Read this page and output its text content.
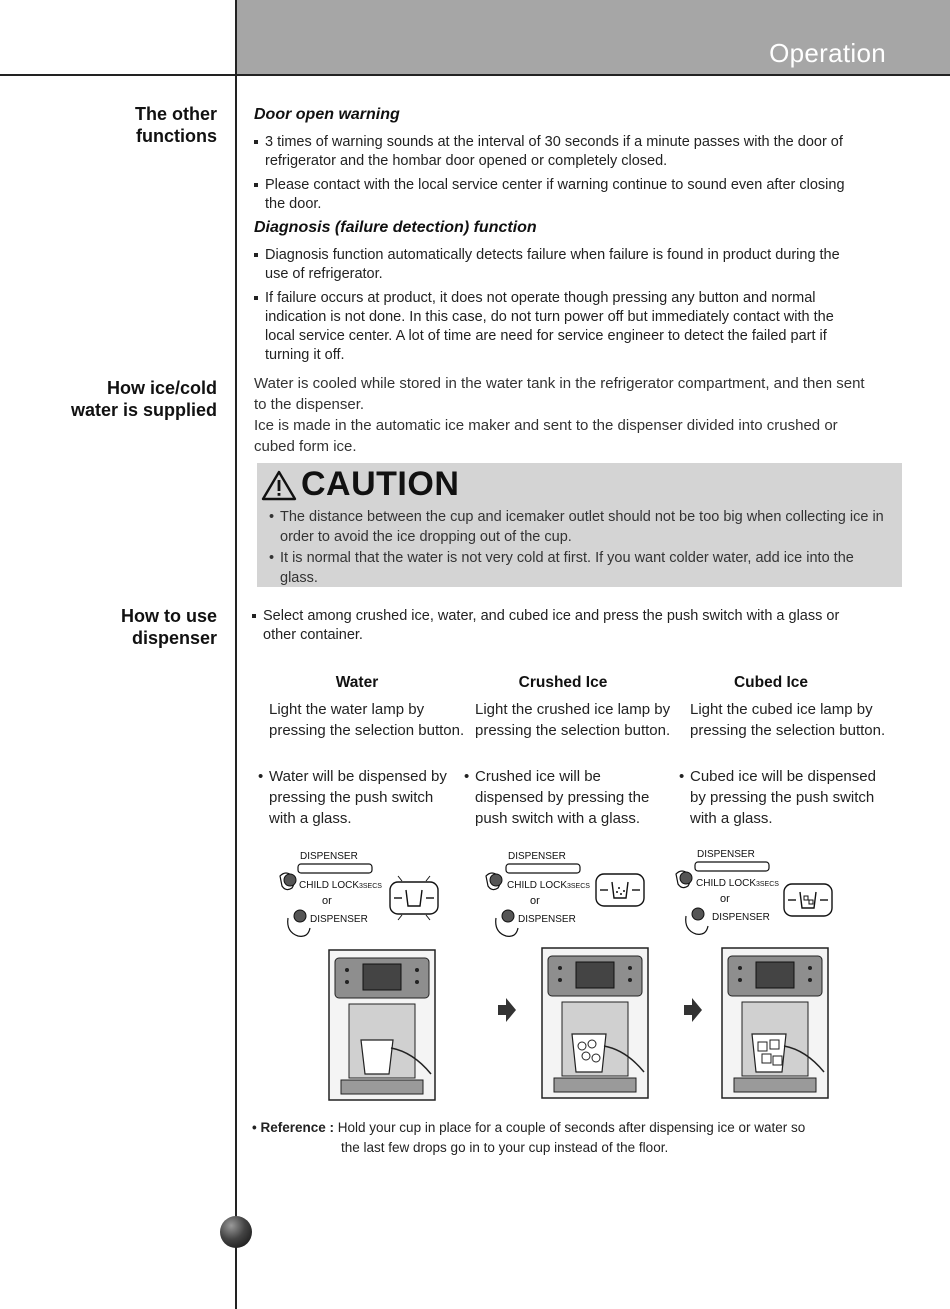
Operation
The other
functions
Door open warning
3 times of warning sounds at the interval of 30 seconds if a minute passes with the door of refrigerator and the hombar door opened or completely closed.
Please contact with the local service center if warning continue to sound even after closing the door.
Diagnosis (failure detection) function
Diagnosis function automatically detects failure when failure is found in product during the use of refrigerator.
If failure occurs at product, it does not operate though pressing any button and normal indication is not done. In this case, do not turn power off but immediately contact with the local service center. A lot of time are need for service engineer to detect the failed part if turning it off.
How ice/cold
water is supplied
Water is cooled while stored in the water tank in the refrigerator compartment, and then sent to the dispenser.
Ice is made in the automatic ice maker and sent to the dispenser divided into crushed or cubed form ice.
CAUTION
• The distance between the cup and icemaker outlet should not be too big when collecting ice in order to avoid the ice dropping out of the cup.
• It is normal that the water is not very cold at first. If you want colder water, add ice into the glass.
How to use
dispenser
Select among crushed ice, water, and cubed ice and press the push switch with a glass or other container.
Water	Crushed Ice	Cubed Ice
Light the water lamp by pressing the selection button.
Light the crushed ice lamp by pressing the selection button.
Light the cubed ice lamp by pressing the selection button.
• Water will be dispensed by pressing the push switch with a glass.
• Crushed ice will be dispensed by pressing the push switch with a glass.
• Cubed ice will be dispensed by pressing the push switch with a glass.
DISPENSER
CHILD LOCK 3SECS
or
DISPENSER
DISPENSER
CHILD LOCK 3SECS
or
DISPENSER
DISPENSER
CHILD LOCK 3SECS
or
DISPENSER
• Reference : Hold your cup in place for a couple of seconds after dispensing ice or water so
the last few drops go in to your cup instead of the floor.
